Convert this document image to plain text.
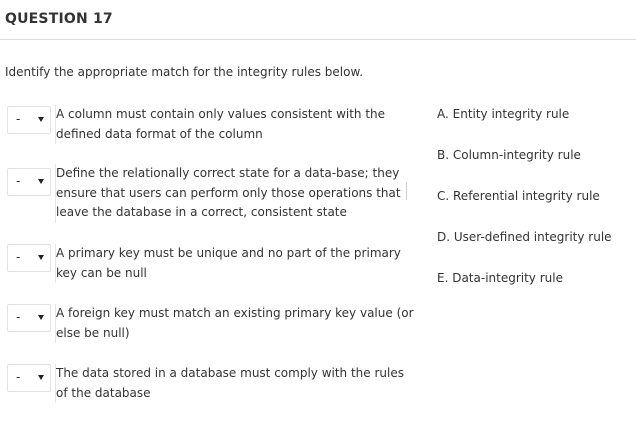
QUESTION 17
Identify the appropriate match for the integrity rules below.
-	A column must contain only values consistent with the defined data format of the column
-
Define the relationally correct state for a data-base; they ensure that users can perform only those operations that leave the database in a correct, consistent state
-	A primary key must be unique and no part of the primary key can be null
-	A foreign key must match an existing primary key value (or else be null)
-	The data stored in a database must comply with the rules of the database
A. Entity integrity rule
B. Column-integrity rule
C. Referential integrity rule
D. User-defined integrity rule
E. Data-integrity rule
